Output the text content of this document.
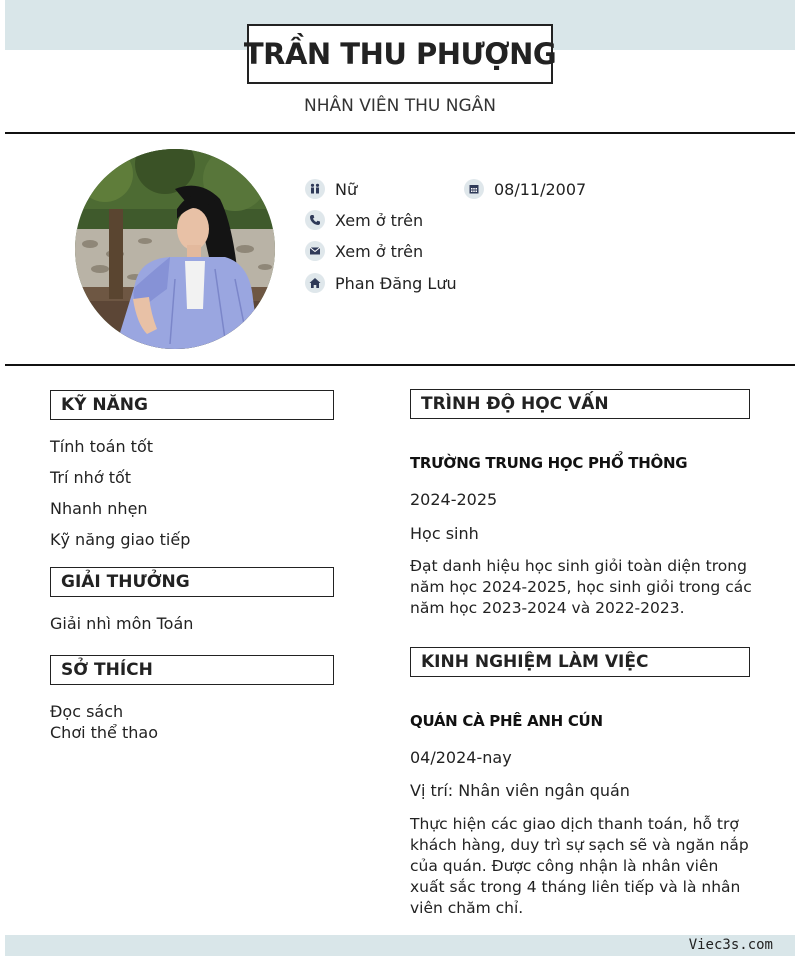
TRẦN THU PHƯỢNG
NHÂN VIÊN THU NGÂN
Nữ	08/11/2007
Xem ở trên
Xem ở trên
Phan Đăng Lưu
KỸ NĂNG
Tính toán tốt
Trí nhớ tốt
Nhanh nhẹn
Kỹ năng giao tiếp
GIẢI THƯỞNG
Giải nhì môn Toán
SỞ THÍCH
Đọc sách
Chơi thể thao
TRÌNH ĐỘ HỌC VẤN
TRƯỜNG TRUNG HỌC PHỔ THÔNG
2024-2025
Học sinh
Đạt danh hiệu học sinh giỏi toàn diện trong năm học 2024-2025, học sinh giỏi trong các năm học 2023-2024 và 2022-2023.
KINH NGHIỆM LÀM VIỆC
QUÁN CÀ PHÊ ANH CÚN
04/2024-nay
Vị trí: Nhân viên ngân quán
Thực hiện các giao dịch thanh toán, hỗ trợ khách hàng, duy trì sự sạch sẽ và ngăn nắp của quán. Được công nhận là nhân viên xuất sắc trong 4 tháng liên tiếp và là nhân viên chăm chỉ.
Viec3s.com
